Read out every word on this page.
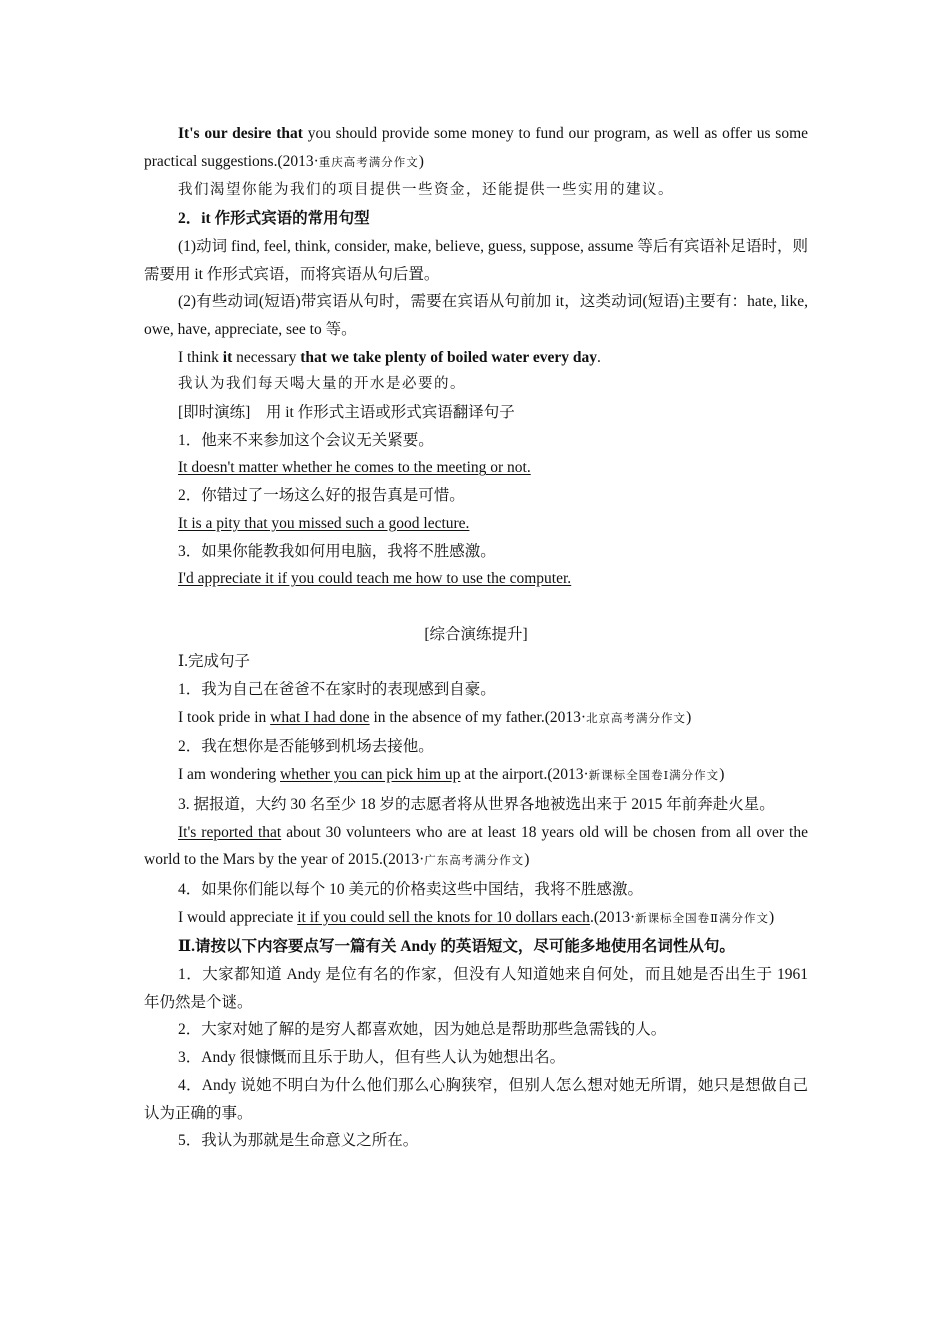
It's our desire that you should provide some money to fund our program, as well as offer us some practical suggestions.(2013·重庆高考满分作文)

我们渴望你能为我们的项目提供一些资金，还能提供一些实用的建议。

2．it 作形式宾语的常用句型

(1)动词 find, feel, think, consider, make, believe, guess, suppose, assume 等后有宾语补足语时，则需要用 it 作形式宾语，而将宾语从句后置。

(2)有些动词(短语)带宾语从句时，需要在宾语从句前加 it，这类动词(短语)主要有：hate, like, owe, have, appreciate, see to 等。

I think it necessary that we take plenty of boiled water every day.

我认为我们每天喝大量的开水是必要的。

[即时演练]　用 it 作形式主语或形式宾语翻译句子

1．他来不来参加这个会议无关紧要。

It doesn't matter whether he comes to the meeting or not.

2．你错过了一场这么好的报告真是可惜。

It is a pity that you missed such a good lecture.

3．如果你能教我如何用电脑，我将不胜感激。

I'd appreciate it if you could teach me how to use the computer.

[综合演练提升]

Ⅰ.完成句子

1．我为自己在爸爸不在家时的表现感到自豪。

I took pride in what I had done in the absence of my father.(2013·北京高考满分作文)

2．我在想你是否能够到机场去接他。

I am wondering whether you can pick him up at the airport.(2013·新课标全国卷Ⅰ满分作文)

3. 据报道，大约 30 名至少 18 岁的志愿者将从世界各地被选出来于 2015 年前奔赴火星。

It's reported that about 30 volunteers who are at least 18 years old will be chosen from all over the world to the Mars by the year of 2015.(2013·广东高考满分作文)

4．如果你们能以每个 10 美元的价格卖这些中国结，我将不胜感激。

I would appreciate it if you could sell the knots for 10 dollars each.(2013·新课标全国卷Ⅱ满分作文)

Ⅱ.请按以下内容要点写一篇有关 Andy 的英语短文，尽可能多地使用名词性从句。

1．大家都知道 Andy 是位有名的作家，但没有人知道她来自何处，而且她是否出生于 1961 年仍然是个谜。

2．大家对她了解的是穷人都喜欢她，因为她总是帮助那些急需钱的人。

3．Andy 很慷慨而且乐于助人，但有些人认为她想出名。

4．Andy 说她不明白为什么他们那么心胸狭窄，但别人怎么想对她无所谓，她只是想做自己认为正确的事。

5．我认为那就是生命意义之所在。
